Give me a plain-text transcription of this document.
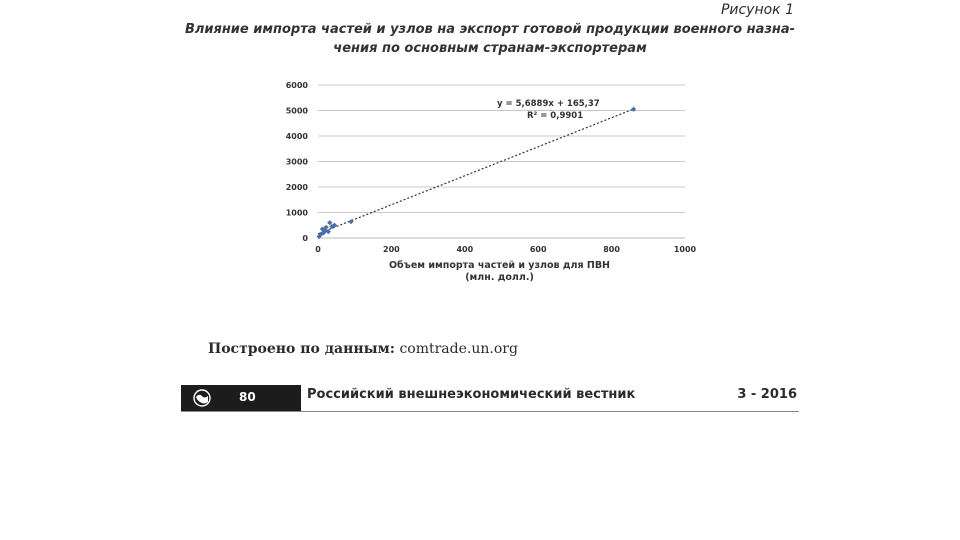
Рисунок 1
Влияние импорта частей и узлов на экспорт готовой продукции военного назна-
чения по основным странам-экспортерам
0
1000
2000
3000
4000
5000
6000
0	200	400	600	800	1000
y = 5,6889x + 165,37
R² = 0,9901
Объем импорта частей и узлов для ПВН
(млн. долл.)
Построено по данным: comtrade.un.org
80	Российский внешнеэкономический вестник	3 - 2016
